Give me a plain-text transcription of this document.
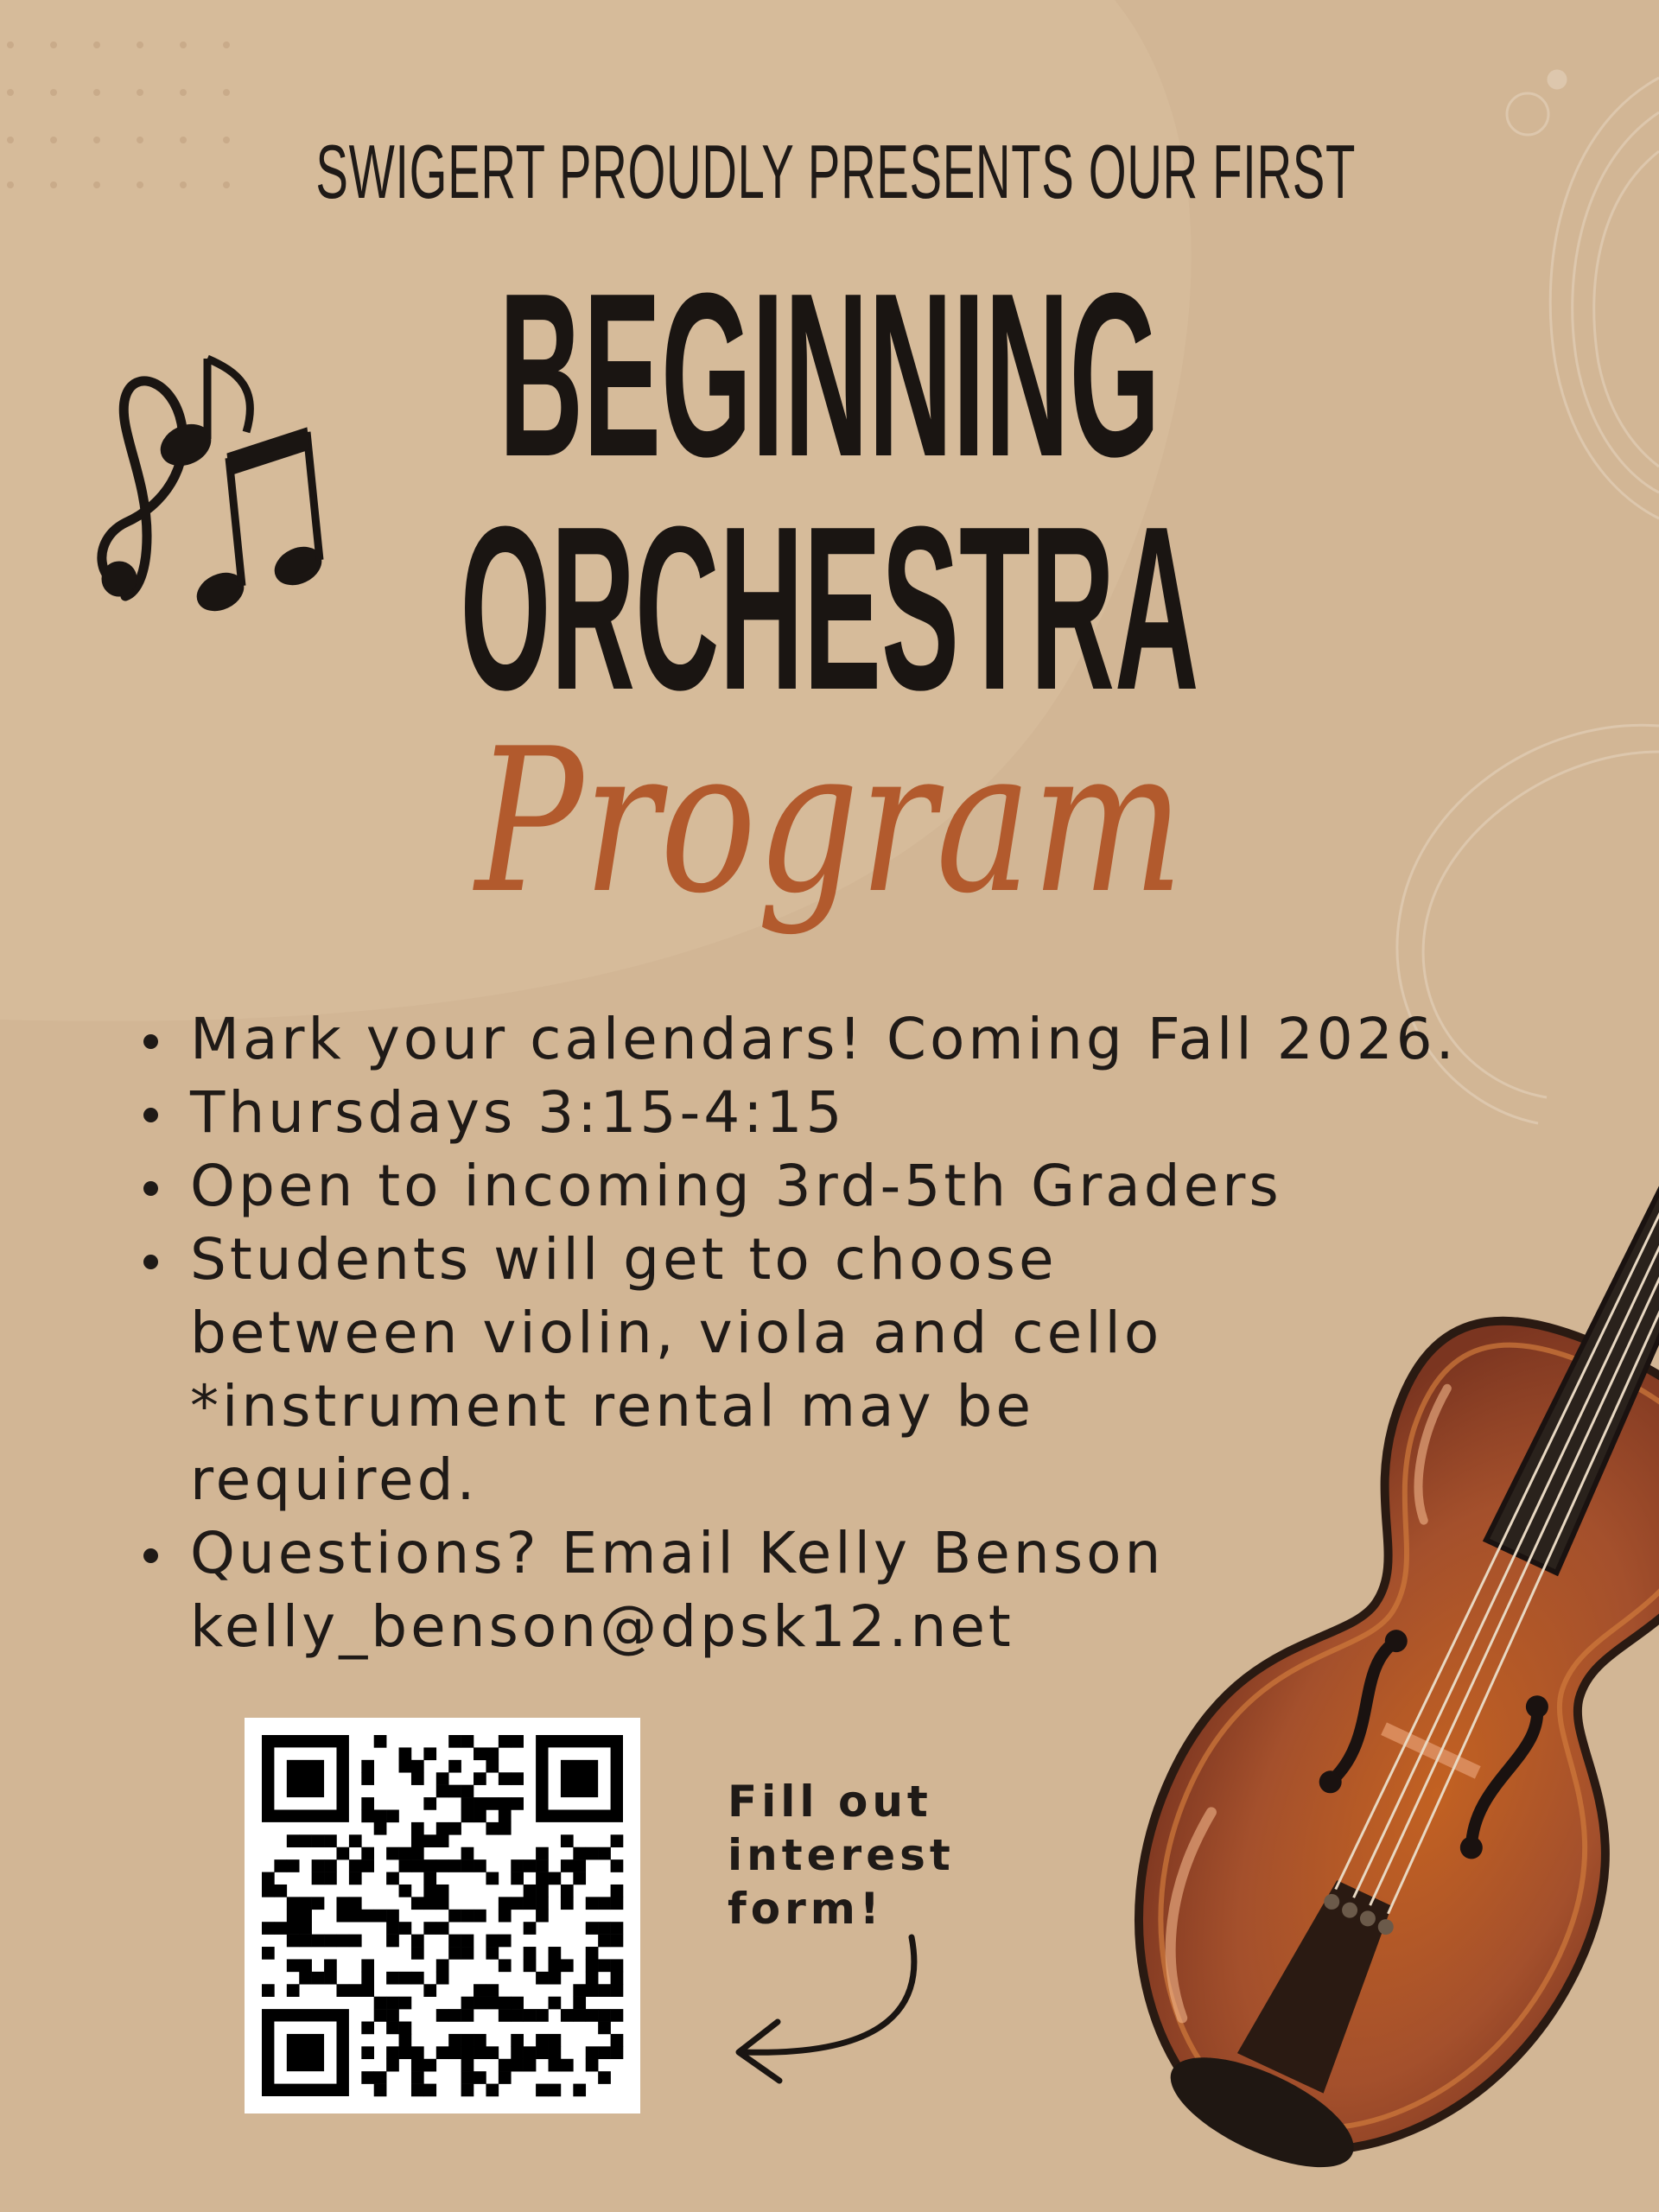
SWIGERT PROUDLY PRESENTS OUR FIRST
BEGINNING
ORCHESTRA
Program
Mark your calendars! Coming Fall 2026.
Thursdays 3:15-4:15
Open to incoming 3rd-5th Graders
Students will get to choose between violin, viola and cello *instrument rental may be required.
Questions? Email Kelly Benson kelly_benson@dpsk12.net
Fill out interest form!
